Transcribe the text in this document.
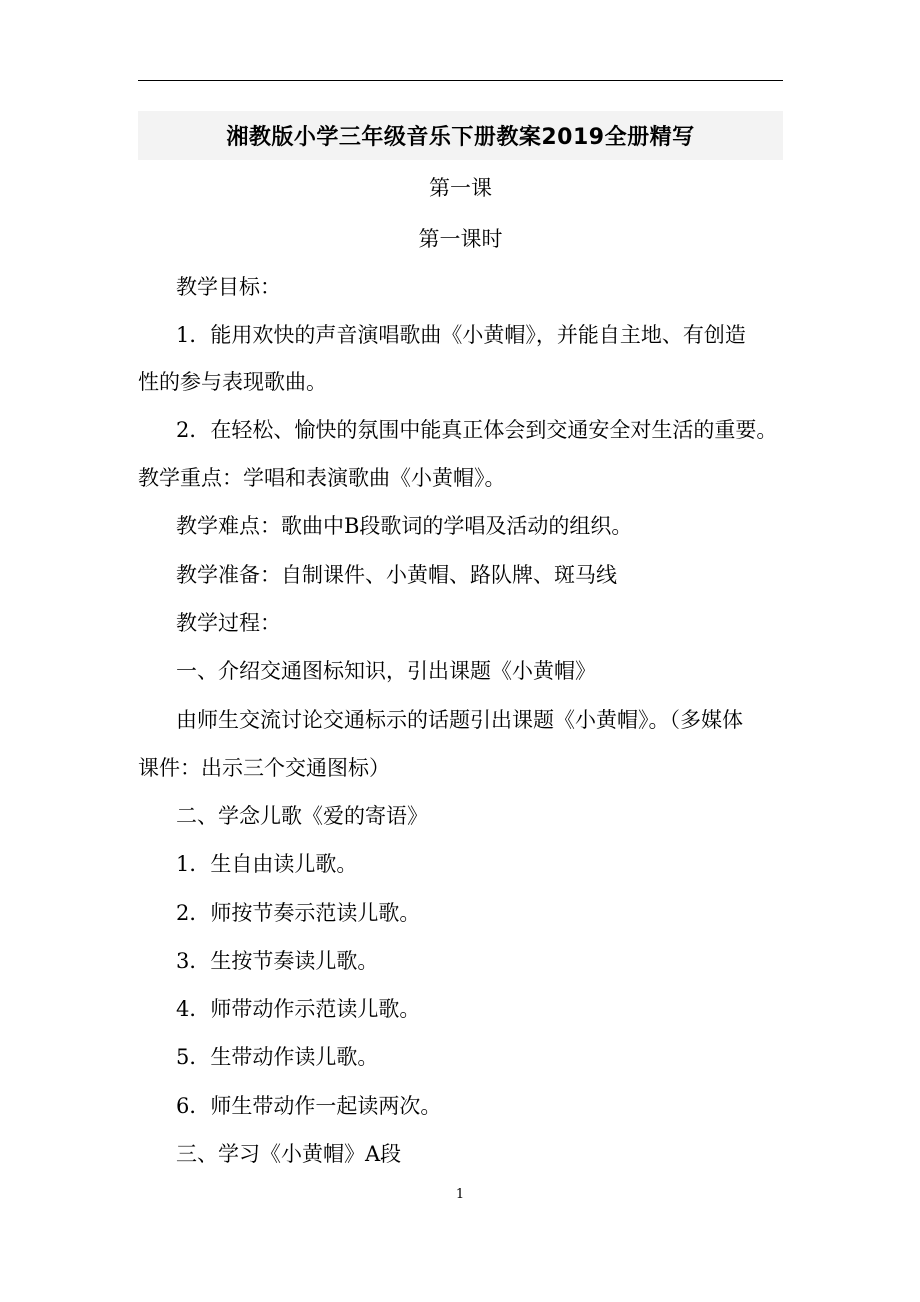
湘教版小学三年级音乐下册教案2019全册精写
第一课
第一课时
教学目标：
1．能用欢快的声音演唱歌曲《小黄帽》，并能自主地、有创造
性的参与表现歌曲。
2．在轻松、愉快的氛围中能真正体会到交通安全对生活的重要。
教学重点：学唱和表演歌曲《小黄帽》。
教学难点：歌曲中B段歌词的学唱及活动的组织。
教学准备：自制课件、小黄帽、路队牌、斑马线
教学过程：
一、介绍交通图标知识，引出课题《小黄帽》
由师生交流讨论交通标示的话题引出课题《小黄帽》。（多媒体
课件：出示三个交通图标）
二、学念儿歌《爱的寄语》
1．生自由读儿歌。
2．师按节奏示范读儿歌。
3．生按节奏读儿歌。
4．师带动作示范读儿歌。
5．生带动作读儿歌。
6．师生带动作一起读两次。
三、学习《小黄帽》A段
1
